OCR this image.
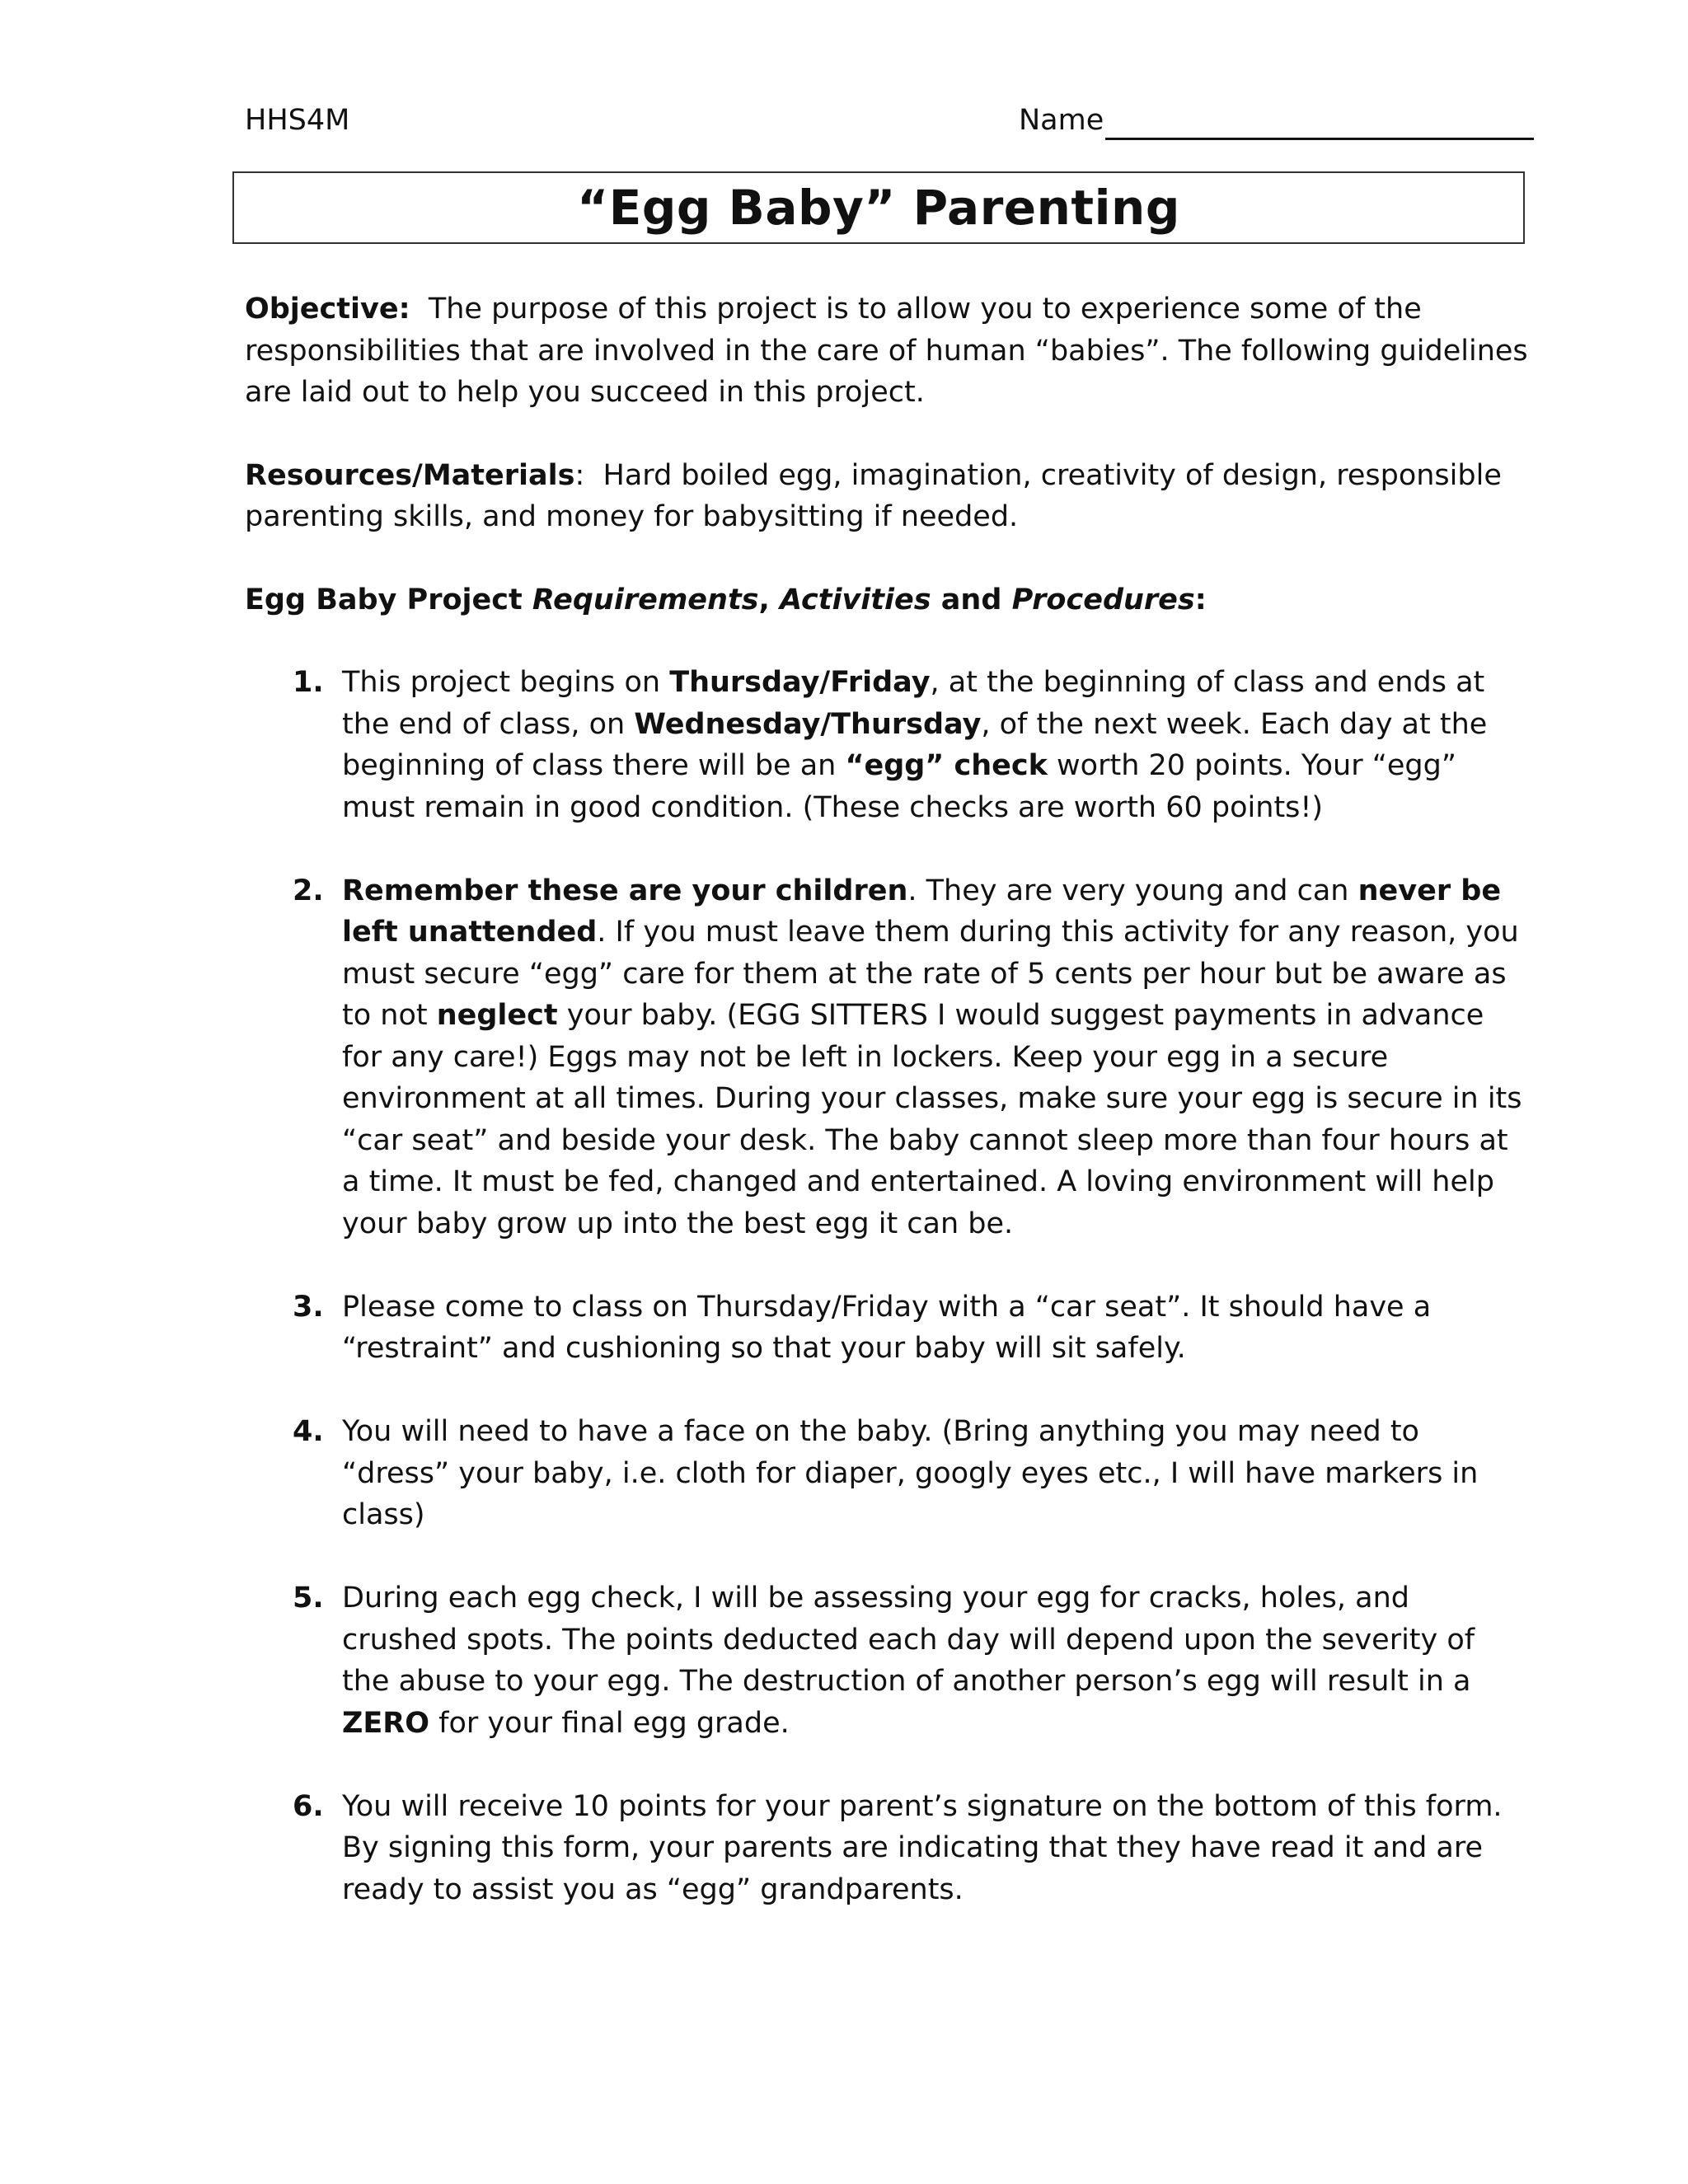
HHS4M	Name
“Egg Baby” Parenting

Objective: The purpose of this project is to allow you to experience some of the responsibilities that are involved in the care of human “babies”. The following guidelines are laid out to help you succeed in this project.

Resources/Materials: Hard boiled egg, imagination, creativity of design, responsible parenting skills, and money for babysitting if needed.

Egg Baby Project Requirements, Activities and Procedures:

1. This project begins on Thursday/Friday, at the beginning of class and ends at the end of class, on Wednesday/Thursday, of the next week. Each day at the beginning of class there will be an “egg” check worth 20 points. Your “egg” must remain in good condition. (These checks are worth 60 points!)
2. Remember these are your children. They are very young and can never be left unattended. If you must leave them during this activity for any reason, you must secure “egg” care for them at the rate of 5 cents per hour but be aware as to not neglect your baby. (EGG SITTERS I would suggest payments in advance for any care!) Eggs may not be left in lockers. Keep your egg in a secure environment at all times. During your classes, make sure your egg is secure in its “car seat” and beside your desk. The baby cannot sleep more than four hours at a time. It must be fed, changed and entertained. A loving environment will help your baby grow up into the best egg it can be.
3. Please come to class on Thursday/Friday with a “car seat”. It should have a “restraint” and cushioning so that your baby will sit safely.
4. You will need to have a face on the baby. (Bring anything you may need to “dress” your baby, i.e. cloth for diaper, googly eyes etc., I will have markers in class)
5. During each egg check, I will be assessing your egg for cracks, holes, and crushed spots. The points deducted each day will depend upon the severity of the abuse to your egg. The destruction of another person’s egg will result in a ZERO for your final egg grade.
6. You will receive 10 points for your parent’s signature on the bottom of this form. By signing this form, your parents are indicating that they have read it and are ready to assist you as “egg” grandparents.
